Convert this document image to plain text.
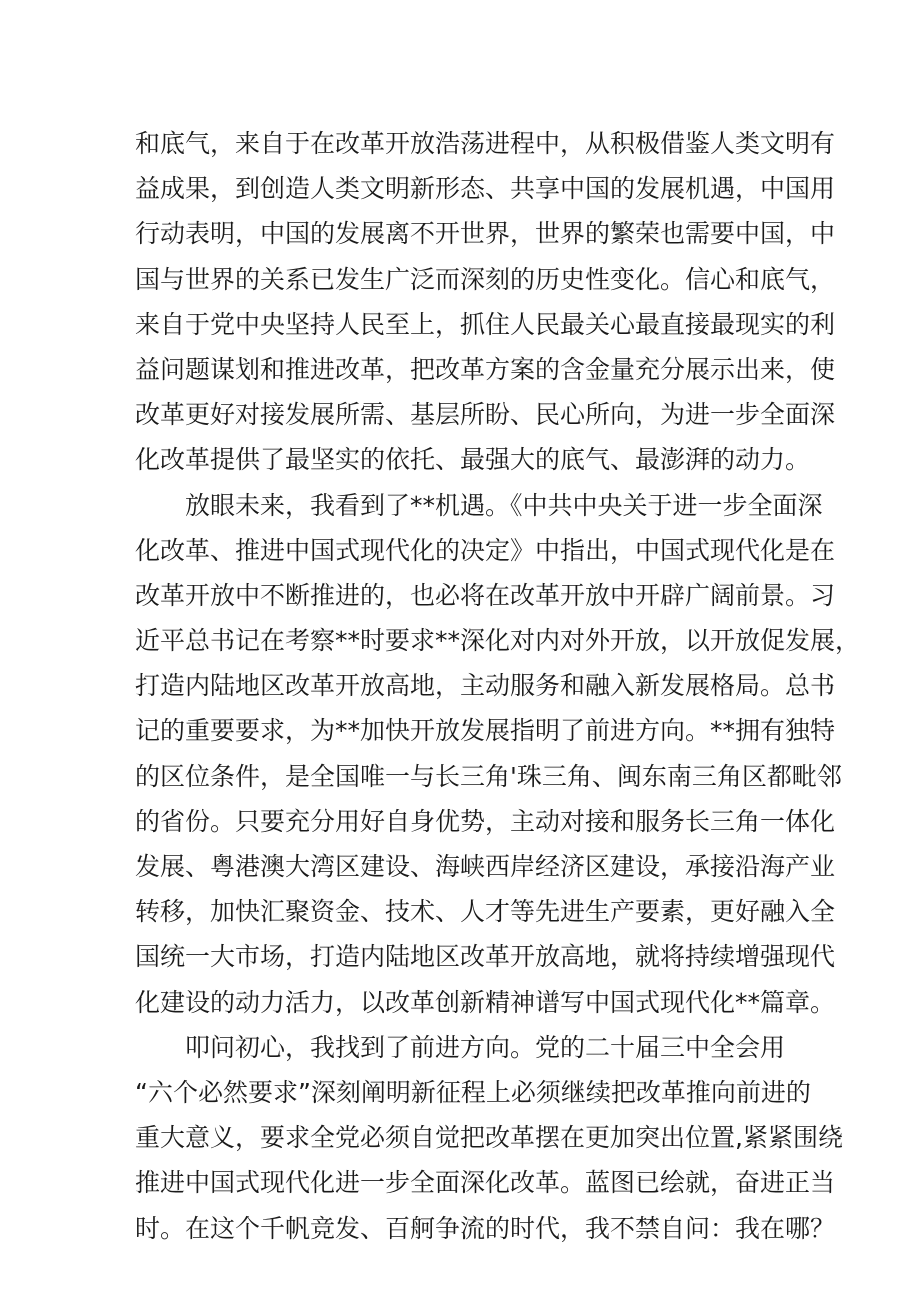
和底气，来自于在改革开放浩荡进程中，从积极借鉴人类文明有
益成果，到创造人类文明新形态、共享中国的发展机遇，中国用
行动表明，中国的发展离不开世界，世界的繁荣也需要中国，中
国与世界的关系已发生广泛而深刻的历史性变化。信心和底气，
来自于党中央坚持人民至上，抓住人民最关心最直接最现实的利
益问题谋划和推进改革，把改革方案的含金量充分展示出来，使
改革更好对接发展所需、基层所盼、民心所向，为进一步全面深
化改革提供了最坚实的依托、最强大的底气、最澎湃的动力。
放眼未来，我看到了**机遇。《中共中央关于进一步全面深
化改革、推进中国式现代化的决定》中指出，中国式现代化是在
改革开放中不断推进的，也必将在改革开放中开辟广阔前景。习
近平总书记在考察**时要求**深化对内对外开放，以开放促发展，
打造内陆地区改革开放高地，主动服务和融入新发展格局。总书
记的重要要求，为**加快开放发展指明了前进方向。**拥有独特
的区位条件，是全国唯一与长三角'珠三角、闽东南三角区都毗邻
的省份。只要充分用好自身优势，主动对接和服务长三角一体化
发展、粤港澳大湾区建设、海峡西岸经济区建设，承接沿海产业
转移，加快汇聚资金、技术、人才等先进生产要素，更好融入全
国统一大市场，打造内陆地区改革开放高地，就将持续增强现代
化建设的动力活力，以改革创新精神谱写中国式现代化**篇章。
叩问初心，我找到了前进方向。党的二十届三中全会用
“六个必然要求”深刻阐明新征程上必须继续把改革推向前进的
重大意义，要求全党必须自觉把改革摆在更加突出位置,紧紧围绕
推进中国式现代化进一步全面深化改革。蓝图已绘就，奋进正当
时。在这个千帆竞发、百舸争流的时代，我不禁自问：我在哪？
